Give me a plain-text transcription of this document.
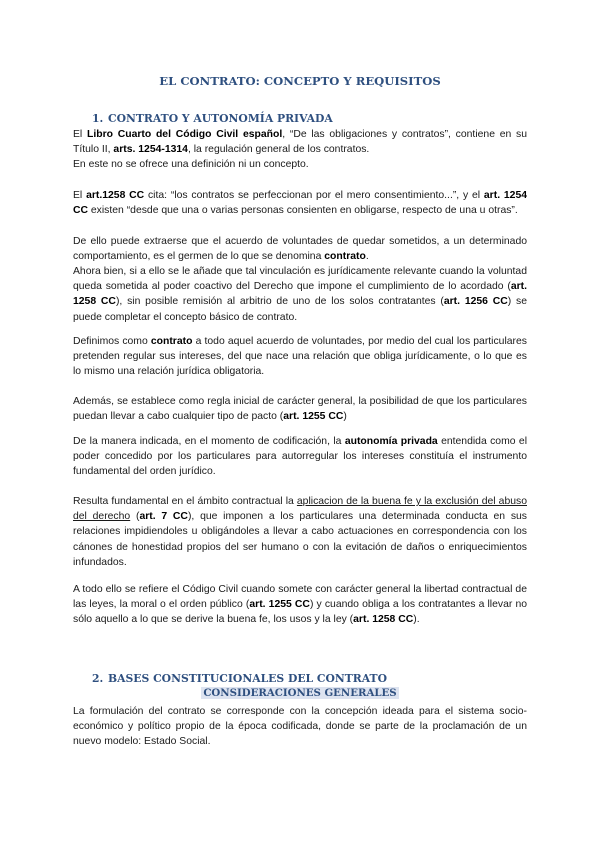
EL CONTRATO: CONCEPTO Y REQUISITOS
1. CONTRATO Y AUTONOMÍA PRIVADA

El Libro Cuarto del Código Civil español, “De las obligaciones y contratos”, contiene en su Título II, arts. 1254-1314, la regulación general de los contratos.

En este no se ofrece una definición ni un concepto.

El art.1258 CC cita: “los contratos se perfeccionan por el mero consentimiento...”, y el art. 1254 CC existen “desde que una o varias personas consienten en obligarse, respecto de una u otras”.

De ello puede extraerse que el acuerdo de voluntades de quedar sometidos, a un determinado comportamiento, es el germen de lo que se denomina contrato.

Ahora bien, si a ello se le añade que tal vinculación es jurídicamente relevante cuando la voluntad queda sometida al poder coactivo del Derecho que impone el cumplimiento de lo acordado (art. 1258 CC), sin posible remisión al arbitrio de uno de los solos contratantes (art. 1256 CC) se puede completar el concepto básico de contrato.

Definimos como contrato a todo aquel acuerdo de voluntades, por medio del cual los particulares pretenden regular sus intereses, del que nace una relación que obliga jurídicamente, o lo que es lo mismo una relación jurídica obligatoria.

Además, se establece como regla inicial de carácter general, la posibilidad de que los particulares puedan llevar a cabo cualquier tipo de pacto (art. 1255 CC)

De la manera indicada, en el momento de codificación, la autonomía privada entendida como el poder concedido por los particulares para autorregular los intereses constituía el instrumento fundamental del orden jurídico.

Resulta fundamental en el ámbito contractual la aplicacion de la buena fe y la exclusión del abuso del derecho (art. 7 CC), que imponen a los particulares una determinada conducta en sus relaciones impidiendoles u obligándoles a llevar a cabo actuaciones en correspondencia con los cánones de honestidad propios del ser humano o con la evitación de daños o enriquecimientos infundados.

A todo ello se refiere el Código Civil cuando somete con carácter general la libertad contractual de las leyes, la moral o el orden público (art. 1255 CC) y cuando obliga a los contratantes a llevar no sólo aquello a lo que se derive la buena fe, los usos y la ley (art. 1258 CC).

2. BASES CONSTITUCIONALES DEL CONTRATO
CONSIDERACIONES GENERALES

La formulación del contrato se corresponde con la concepción ideada para el sistema socio-económico y político propio de la época codificada, donde se parte de la proclamación de un nuevo modelo: Estado Social.
